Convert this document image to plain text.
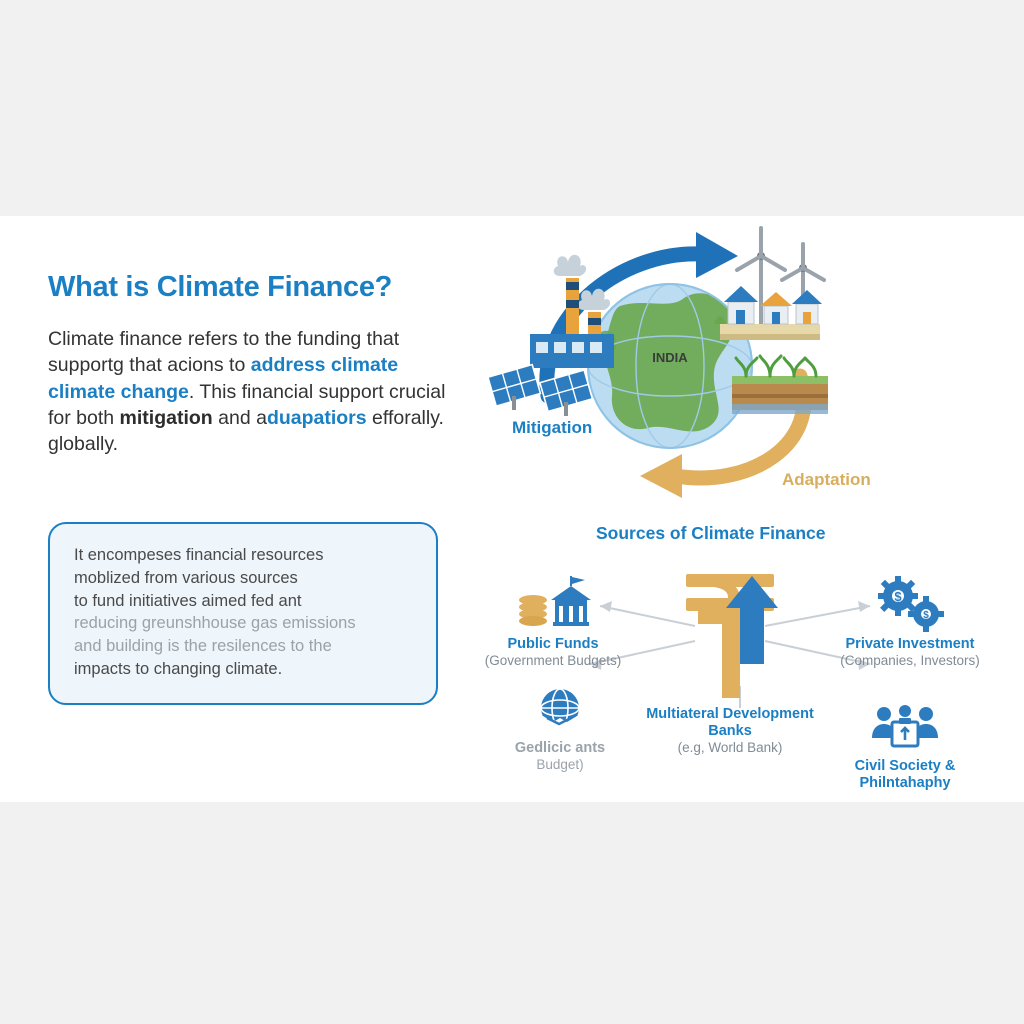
What is Climate Finance?

Climate finance refers to the funding that supportg that acions to address climate climate change. This financial support crucial for both mitigation and aduapatiors efforally. globally.

It encompeses financial resources
moblized from various sources
to fund initiatives aimed fed ant
reducing greunshhouse gas emissions
and building is the resilences to the
impacts to changing climate.
INDIA
Mitigation
Adaptation
Sources of Climate Finance
Public Funds
(Government Budgets)
$
$
Private Investment
(Companies, Investors)
Gedlicic ants
Budget)
Multiateral Development Banks
(e.g, World Bank)
Civil Society & Philntahaphy
